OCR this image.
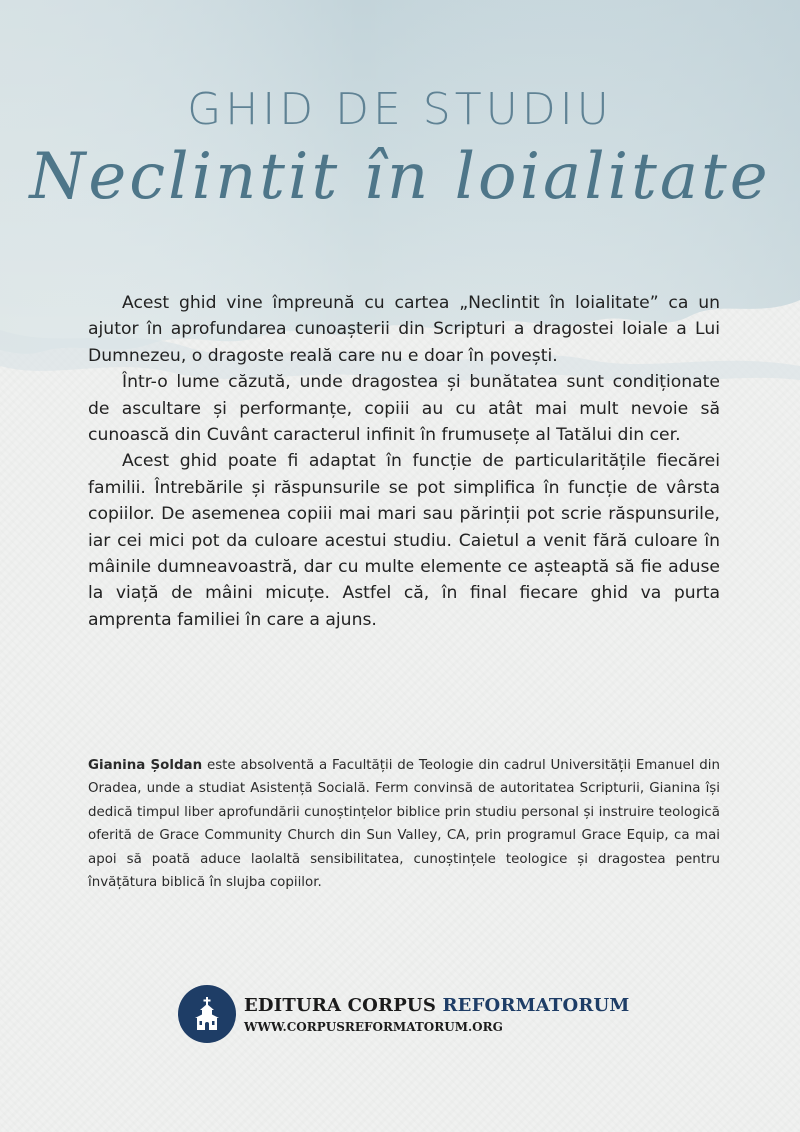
GHID DE STUDIU
Neclintit în loialitate

Acest ghid vine împreună cu cartea „Neclintit în loialitate” ca un ajutor în aprofundarea cunoașterii din Scripturi a dragostei loiale a Lui Dumnezeu, o dragoste reală care nu e doar în povești.

Într-o lume căzută, unde dragostea și bunătatea sunt condiționate de ascultare și performanțe, copiii au cu atât mai mult nevoie să cunoască din Cuvânt caracterul infinit în frumusețe al Tatălui din cer.

Acest ghid poate fi adaptat în funcție de particularitățile fiecărei familii. Întrebările și răspunsurile se pot simplifica în funcție de vârsta copiilor. De asemenea copiii mai mari sau părinții pot scrie răspunsurile, iar cei mici pot da culoare acestui studiu. Caietul a venit fără culoare în mâinile dumneavoastră, dar cu multe elemente ce așteaptă să fie aduse la viață de mâini micuțe. Astfel că, în final fiecare ghid va purta amprenta familiei în care a ajuns.

Gianina Șoldan este absolventă a Facultății de Teologie din cadrul Universității Emanuel din Oradea, unde a studiat Asistență Socială. Ferm convinsă de autoritatea Scripturii, Gianina își dedică timpul liber aprofundării cunoștințelor biblice prin studiu personal și instruire teologică oferită de Grace Community Church din Sun Valley, CA, prin programul Grace Equip, ca mai apoi să poată aduce laolaltă sensibilitatea, cunoștințele teologice și dragostea pentru învățătura biblică în slujba copiilor.

EDITURA CORPUS REFORMATORUM
WWW.CORPUSREFORMATORUM.ORG
